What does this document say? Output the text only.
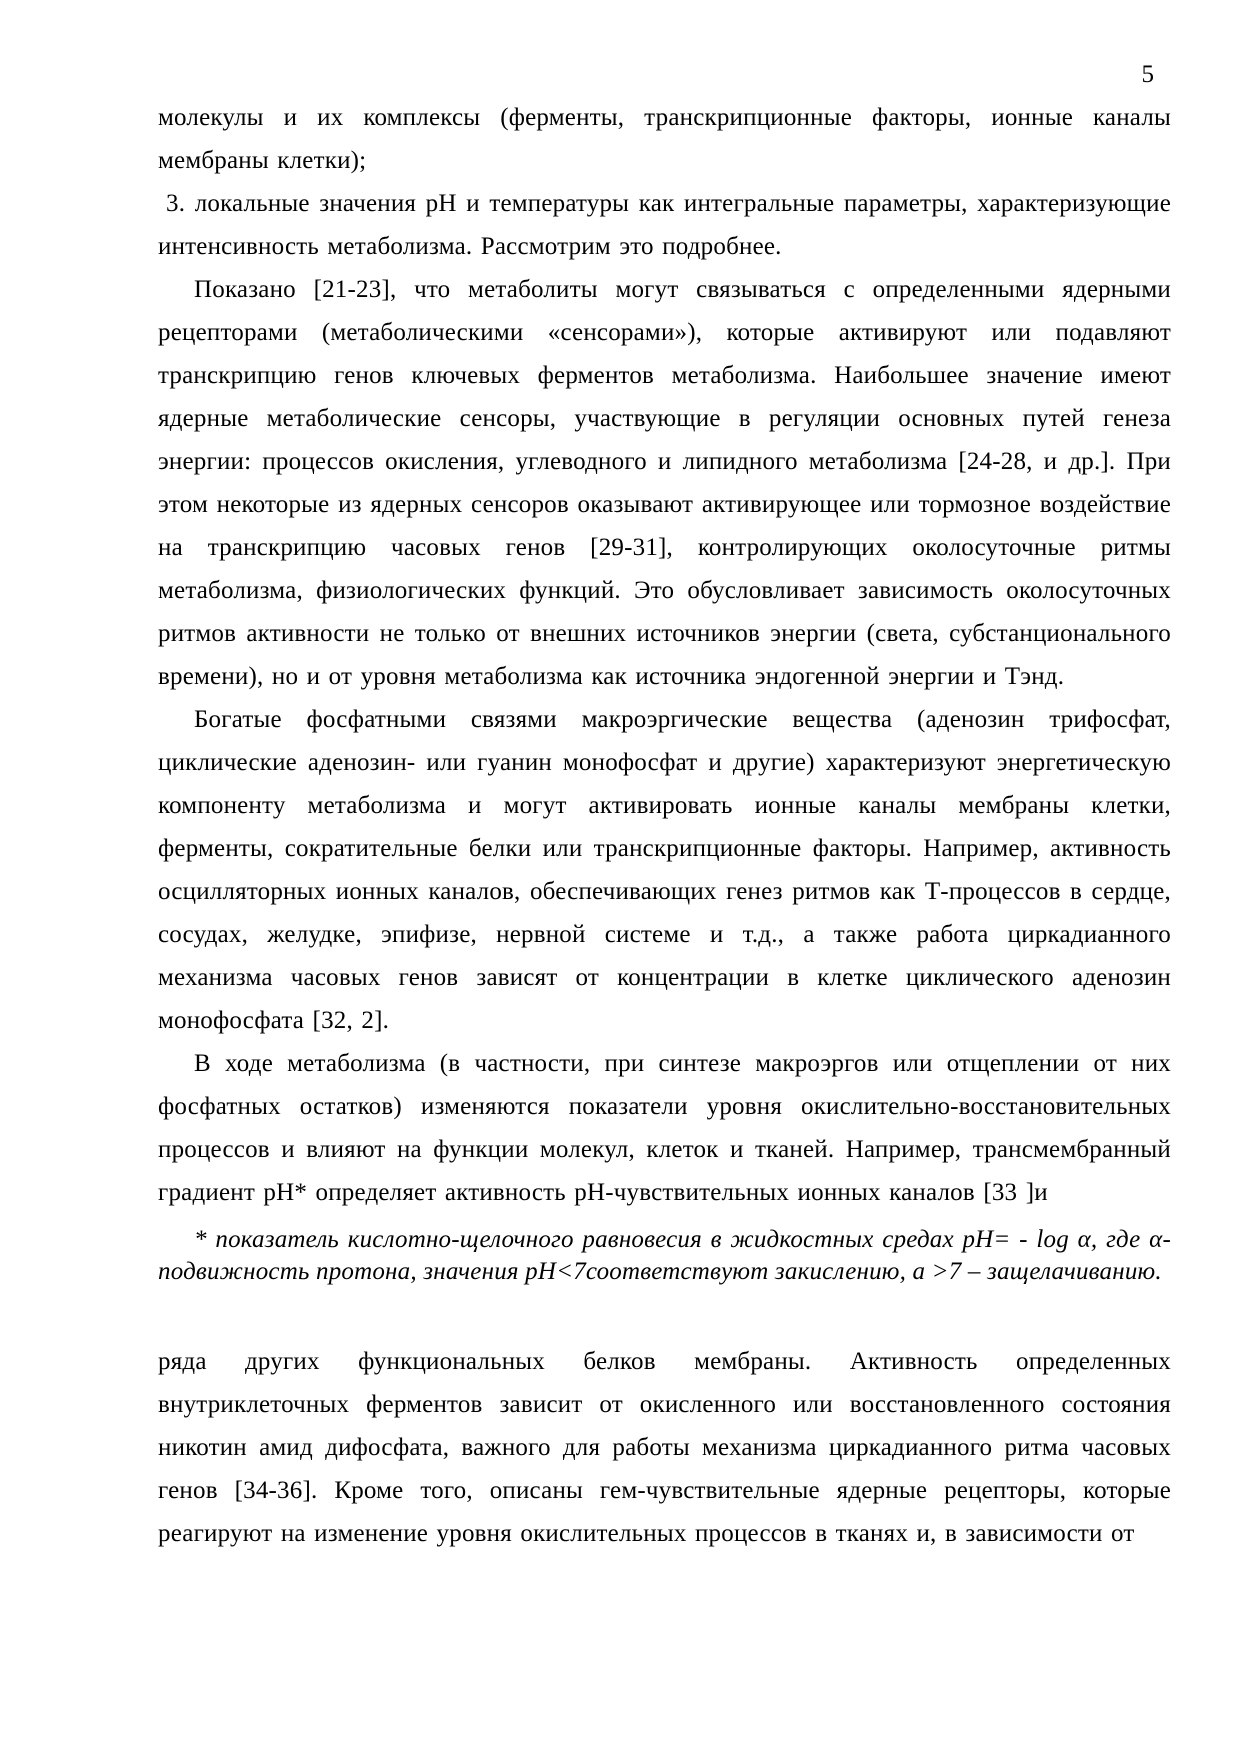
5

молекулы и их комплексы (ферменты, транскрипционные факторы, ионные каналы мембраны клетки);

3. локальные значения рН и температуры как интегральные параметры, характеризующие интенсивность метаболизма. Рассмотрим это подробнее.

Показано [21-23], что метаболиты могут связываться с определенными ядерными рецепторами (метаболическими «сенсорами»), которые активируют или подавляют транскрипцию генов ключевых ферментов метаболизма. Наибольшее значение имеют ядерные метаболические сенсоры, участвующие в регуляции основных путей генеза энергии: процессов окисления, углеводного и липидного метаболизма [24-28, и др.]. При этом некоторые из ядерных сенсоров оказывают активирующее или тормозное воздействие на транскрипцию часовых генов [29-31], контролирующих околосуточные ритмы метаболизма, физиологических функций. Это обусловливает зависимость околосуточных ритмов активности не только от внешних источников энергии (света, субстанционального времени), но и от уровня метаболизма как источника эндогенной энергии и Тэнд.

Богатые фосфатными связями макроэргические вещества (аденозин трифосфат, циклические аденозин- или гуанин монофосфат и другие) характеризуют энергетическую компоненту метаболизма и могут активировать ионные каналы мембраны клетки, ферменты, сократительные белки или транскрипционные факторы. Например, активность осцилляторных ионных каналов, обеспечивающих генез ритмов как Т-процессов в сердце, сосудах, желудке, эпифизе, нервной системе и т.д., а также работа циркадианного механизма часовых генов зависят от концентрации в клетке циклического аденозин монофосфата [32, 2].

В ходе метаболизма (в частности, при синтезе макроэргов или отщеплении от них фосфатных остатков) изменяются показатели уровня окислительно-восстановительных процессов и влияют на функции молекул, клеток и тканей. Например, трансмембранный градиент рН* определяет активность рН-чувствительных ионных каналов [33 ]и

* показатель кислотно-щелочного равновесия в жидкостных средах рН= - log α, где α-подвижность протона, значения рН<7соответствуют закислению, а >7 – защелачиванию.

ряда других функциональных белков мембраны. Активность определенных внутриклеточных ферментов зависит от окисленного или восстановленного состояния никотин амид дифосфата, важного для работы механизма циркадианного ритма часовых генов [34-36]. Кроме того, описаны гем-чувствительные ядерные рецепторы, которые реагируют на изменение уровня окислительных процессов в тканях и, в зависимости от
